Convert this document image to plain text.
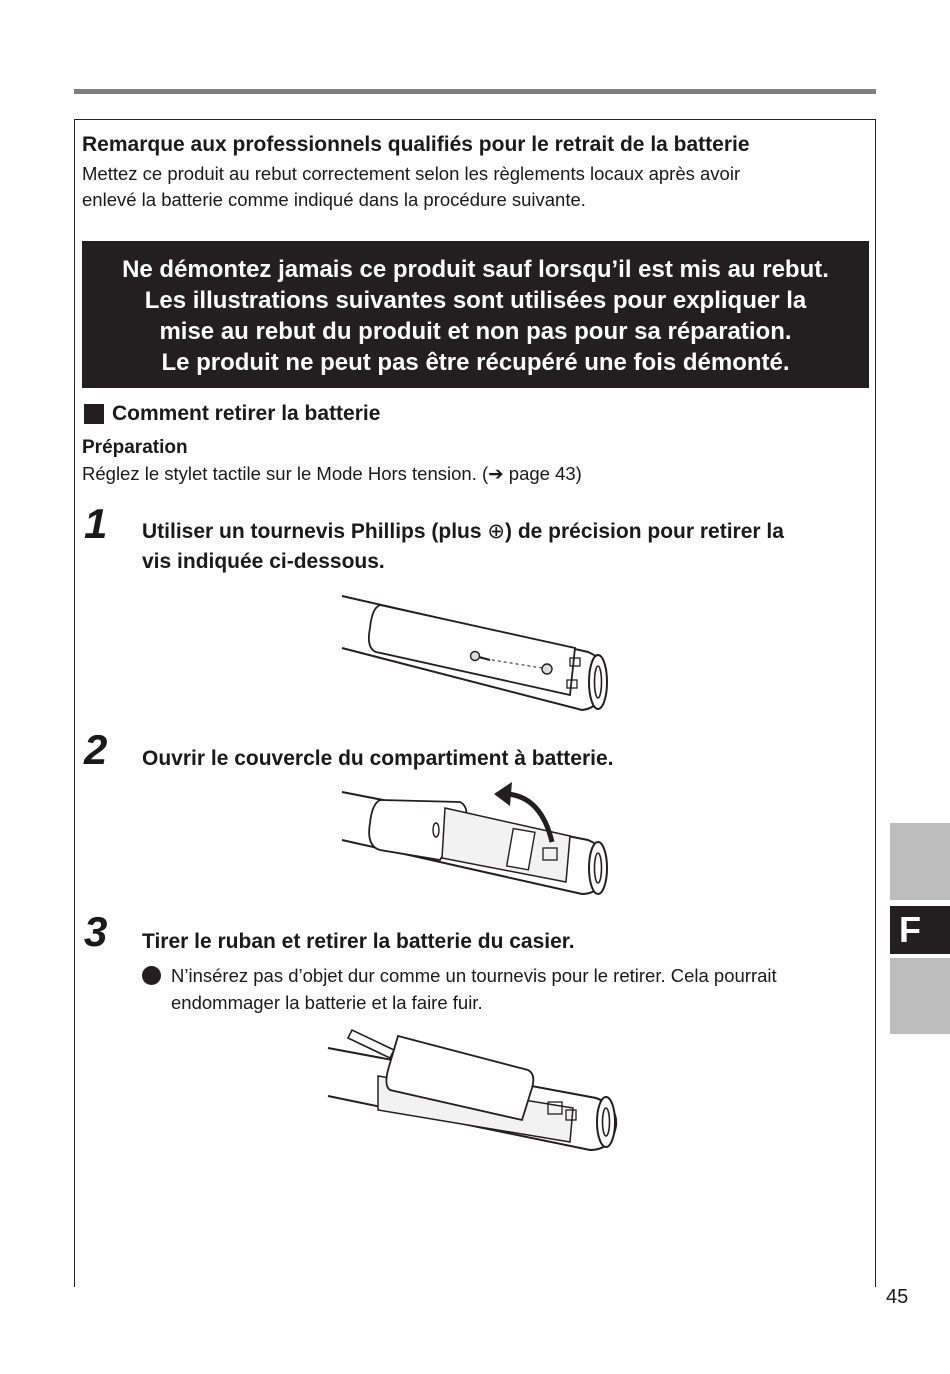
Remarque aux professionnels qualifiés pour le retrait de la batterie
Mettez ce produit au rebut correctement selon les règlements locaux après avoir
enlevé la batterie comme indiqué dans la procédure suivante.
Ne démontez jamais ce produit sauf lorsqu’il est mis au rebut.
Les illustrations suivantes sont utilisées pour expliquer la
mise au rebut du produit et non pas pour sa réparation.
Le produit ne peut pas être récupéré une fois démonté.
Comment retirer la batterie
Préparation
Réglez le stylet tactile sur le Mode Hors tension. (➔ page 43)
1 Utiliser un tournevis Phillips (plus ⊕) de précision pour retirer la
vis indiquée ci-dessous.
2 Ouvrir le couvercle du compartiment à batterie.
3 Tirer le ruban et retirer la batterie du casier.
N’insérez pas d’objet dur comme un tournevis pour le retirer. Cela pourrait endommager la batterie et la faire fuir.
F
45
